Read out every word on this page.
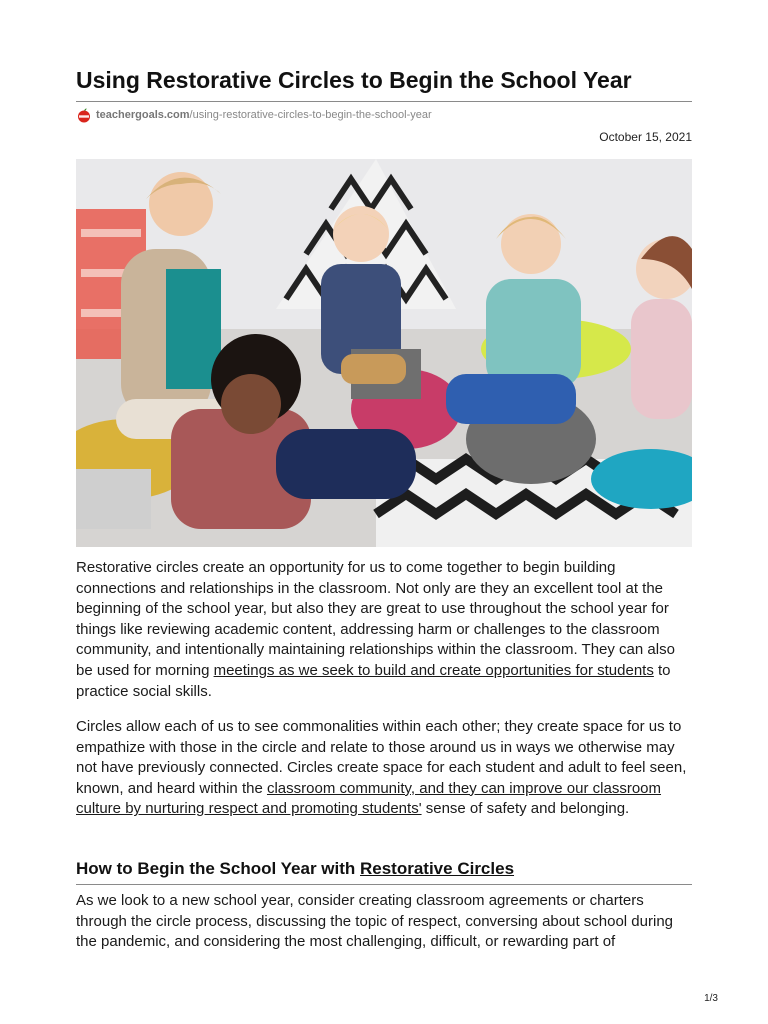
Using Restorative Circles to Begin the School Year
teachergoals.com /using-restorative-circles-to-begin-the-school-year
October 15, 2021

Restorative circles create an opportunity for us to come together to begin building connections and relationships in the classroom. Not only are they an excellent tool at the beginning of the school year, but also they are great to use throughout the school year for things like reviewing academic content, addressing harm or challenges to the classroom community, and intentionally maintaining relationships within the classroom. They can also be used for morning meetings as we seek to build and create opportunities for students to practice social skills.

Circles allow each of us to see commonalities within each other; they create space for us to empathize with those in the circle and relate to those around us in ways we otherwise may not have previously connected. Circles create space for each student and adult to feel seen, known, and heard within the classroom community, and they can improve our classroom culture by nurturing respect and promoting students' sense of safety and belonging.

How to Begin the School Year with Restorative Circles

As we look to a new school year, consider creating classroom agreements or charters through the circle process, discussing the topic of respect, conversing about school during the pandemic, and considering the most challenging, difficult, or rewarding part of

1/3
